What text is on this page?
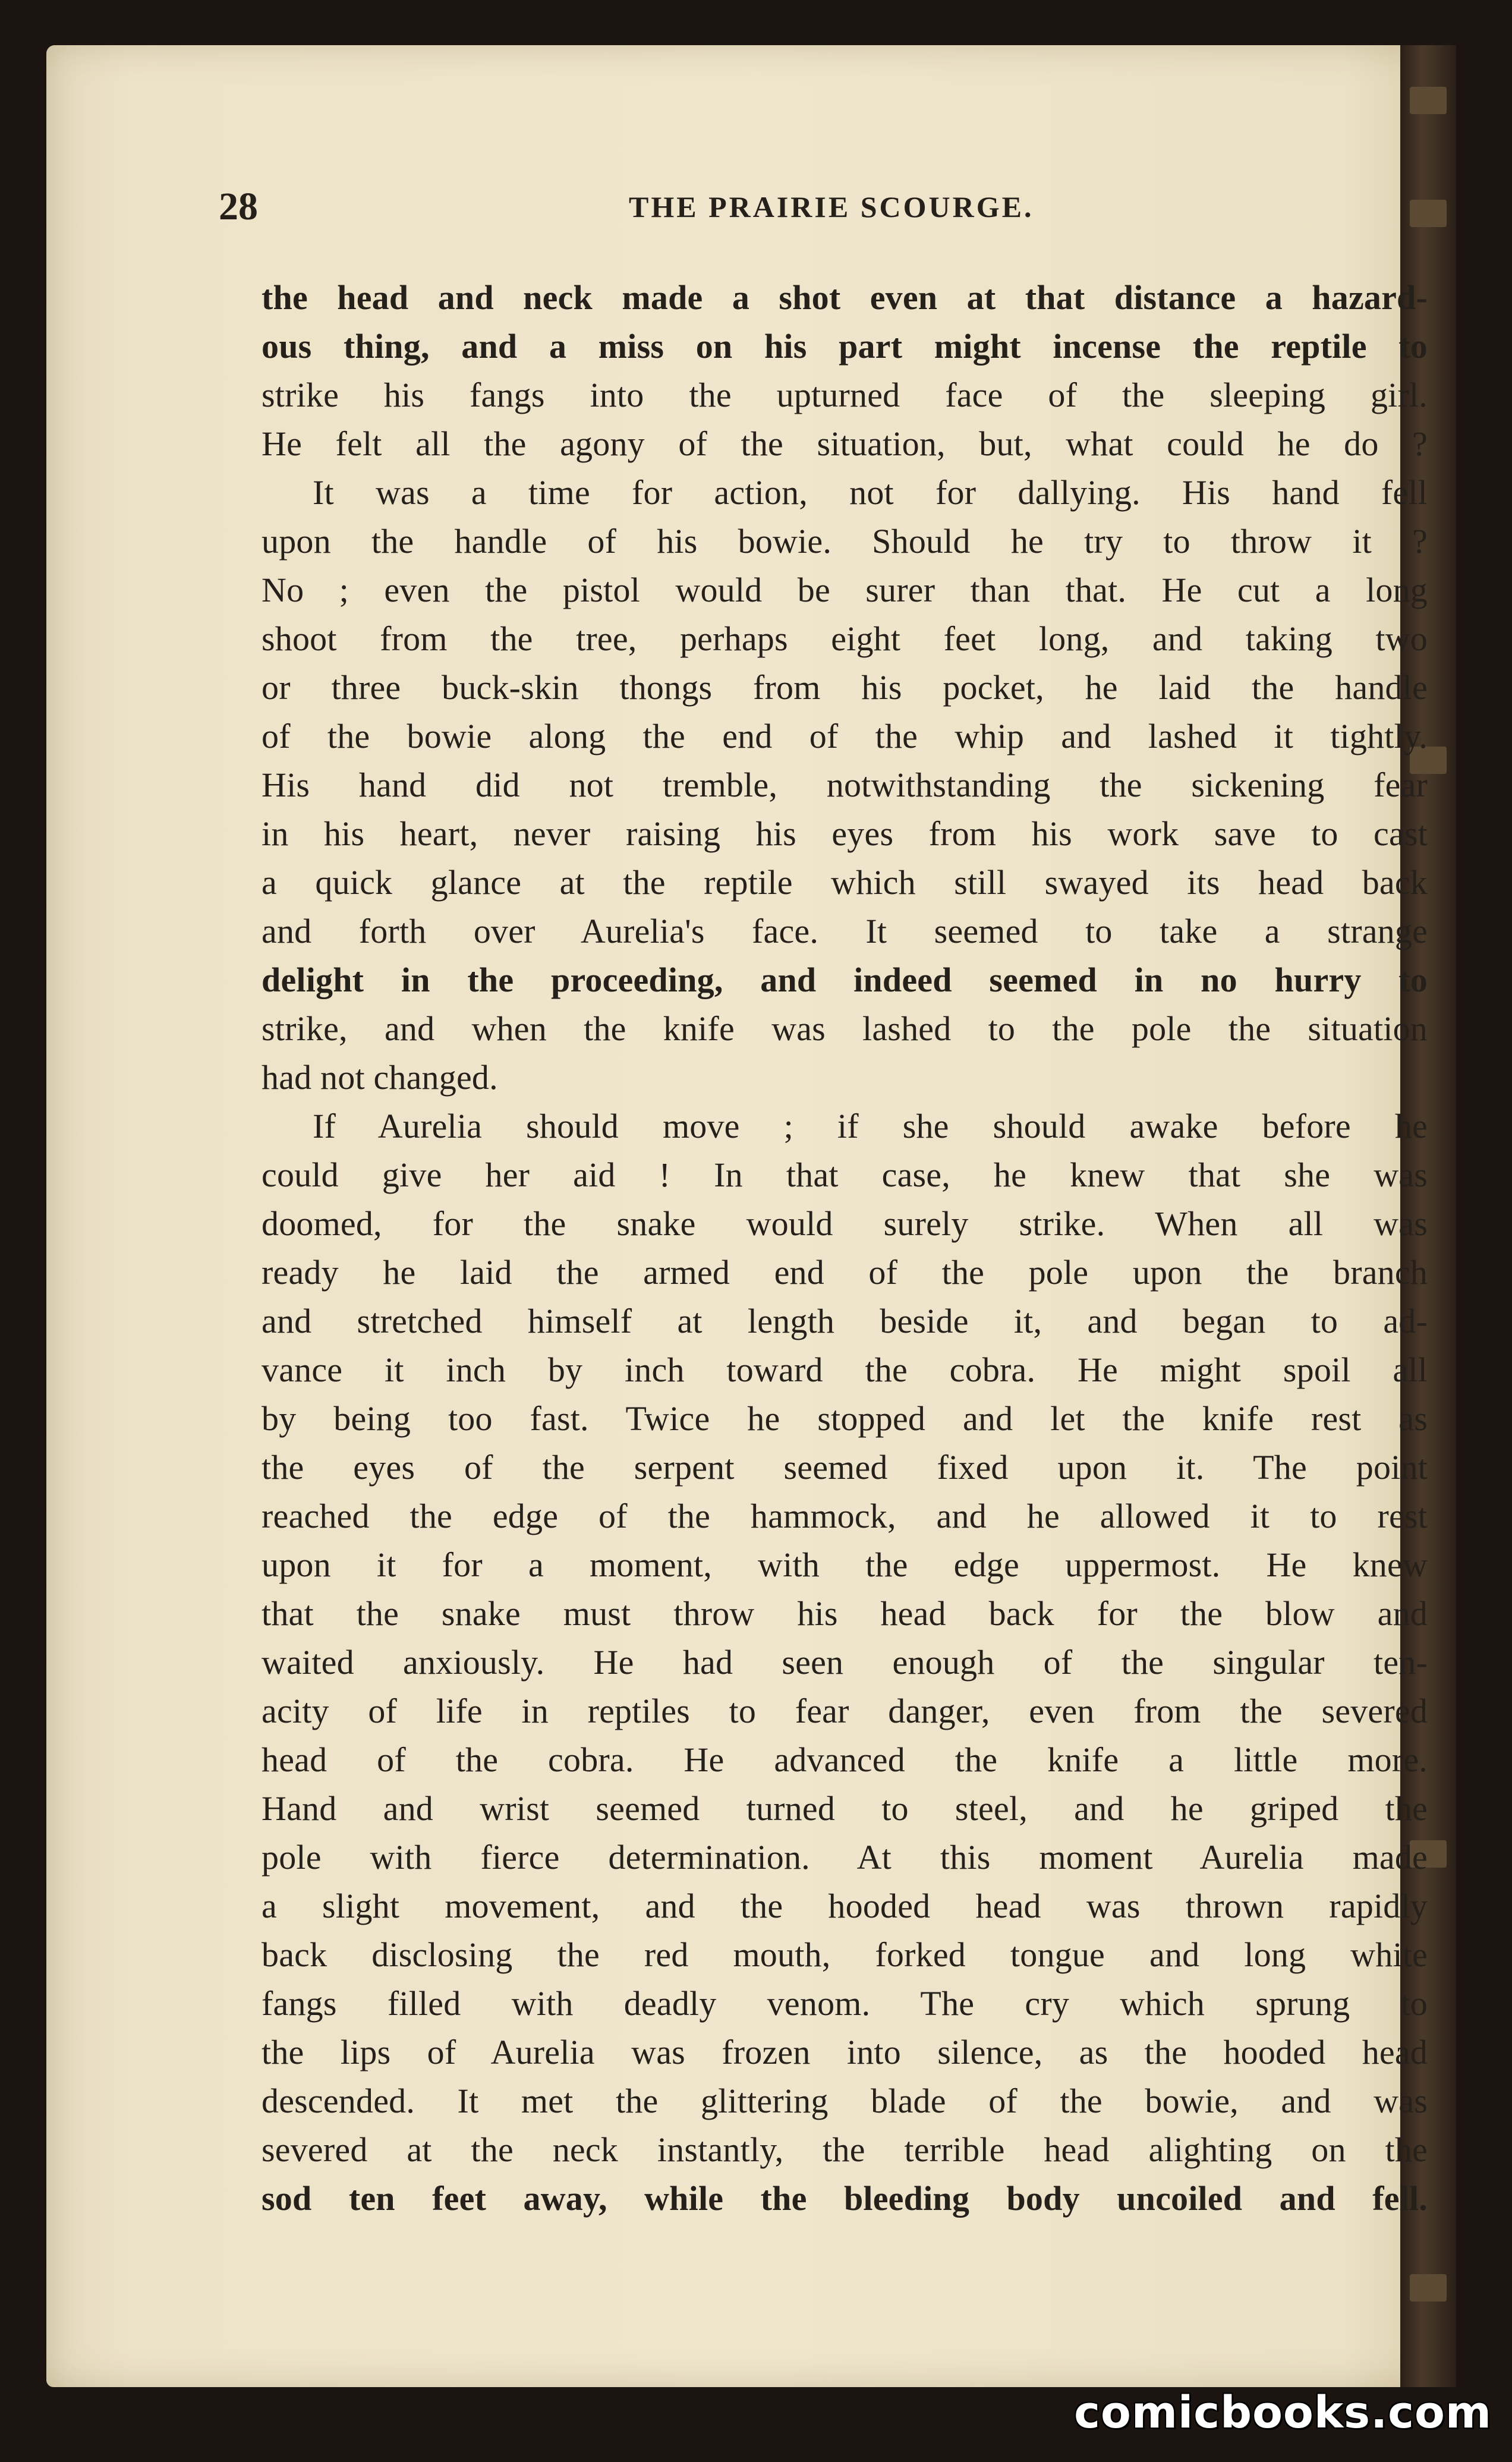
28	THE PRAIRIE SCOURGE.
the head and neck made a shot even at that distance a hazard-
ous thing, and a miss on his part might incense the reptile to
strike his fangs into the upturned face of the sleeping girl.
He felt all the agony of the situation, but, what could he do ?
It was a time for action, not for dallying. His hand fell
upon the handle of his bowie. Should he try to throw it ?
No ; even the pistol would be surer than that. He cut a long
shoot from the tree, perhaps eight feet long, and taking two
or three buck-skin thongs from his pocket, he laid the handle
of the bowie along the end of the whip and lashed it tightly.
His hand did not tremble, notwithstanding the sickening fear
in his heart, never raising his eyes from his work save to cast
a quick glance at the reptile which still swayed its head back
and forth over Aurelia's face. It seemed to take a strange
delight in the proceeding, and indeed seemed in no hurry to
strike, and when the knife was lashed to the pole the situation
had not changed.
If Aurelia should move ; if she should awake before he
could give her aid ! In that case, he knew that she was
doomed, for the snake would surely strike. When all was
ready he laid the armed end of the pole upon the branch
and stretched himself at length beside it, and began to ad-
vance it inch by inch toward the cobra. He might spoil all
by being too fast. Twice he stopped and let the knife rest as
the eyes of the serpent seemed fixed upon it. The point
reached the edge of the hammock, and he allowed it to rest
upon it for a moment, with the edge uppermost. He knew
that the snake must throw his head back for the blow and
waited anxiously. He had seen enough of the singular ten-
acity of life in reptiles to fear danger, even from the severed
head of the cobra. He advanced the knife a little more.
Hand and wrist seemed turned to steel, and he griped the
pole with fierce determination. At this moment Aurelia made
a slight movement, and the hooded head was thrown rapidly
back disclosing the red mouth, forked tongue and long white
fangs filled with deadly venom. The cry which sprung to
the lips of Aurelia was frozen into silence, as the hooded head
descended. It met the glittering blade of the bowie, and was
severed at the neck instantly, the terrible head alighting on the
sod ten feet away, while the bleeding body uncoiled and fell.
comicbooks.com
